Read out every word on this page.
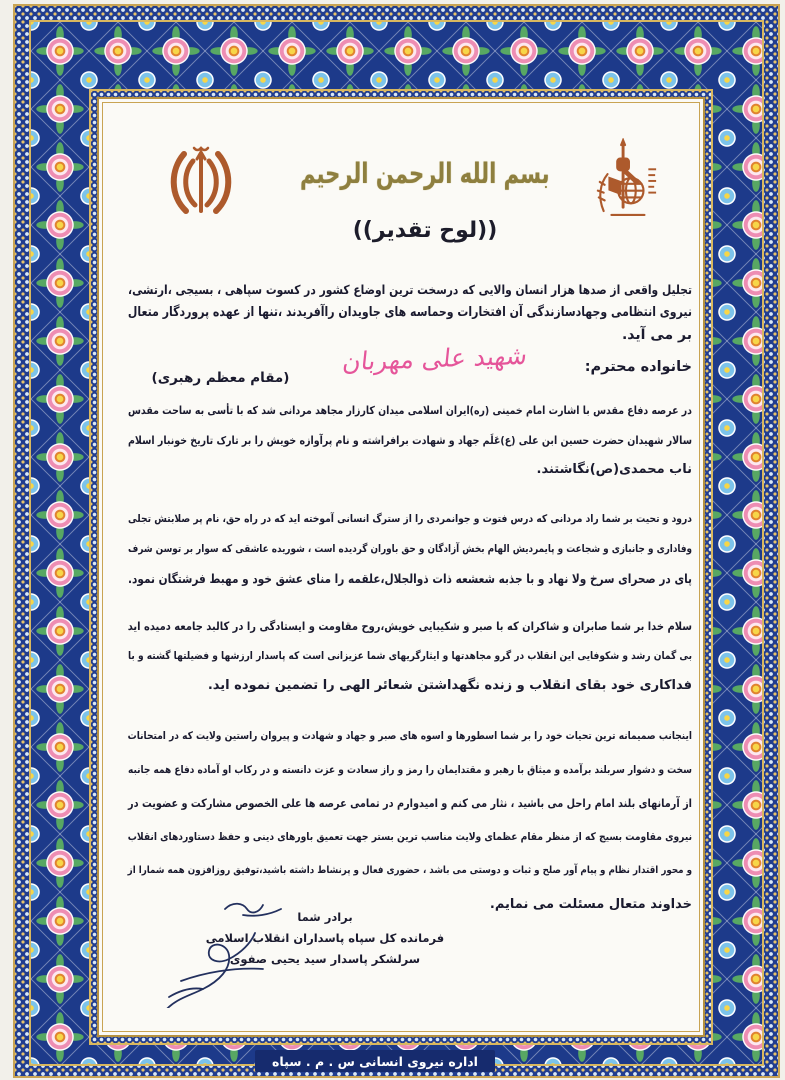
بسم الله الرحمن الرحیم
((لوح تقدیر))
تجلیل واقعی از صدها هزار انسان والایی که درسخت ترین اوضاع کشور در کسوت سپاهی ، بسیجی ،ارتشی،
نیروی انتظامی وجهادسازندگی آن افتخارات وحماسه های جاویدان راآفریدند ،تنها از عهده پروردگار متعال
بر می آید.
خانواده محترم:
شهید علی مهربان
(مقام معظم رهبری)
در عرصه دفاع مقدس با اشارت امام خمینی (ره)ایران اسلامی میدان کارزار مجاهد مردانی شد که با تأسی به ساحت مقدس
سالار شهیدان حضرت حسین ابن علی (ع)عَلَم جهاد و شهادت برافراشته و نام پرآوازه خویش را بر تارک تاریخ خونبار اسلام
ناب محمدی(ص)نگاشتند.
درود و تحیت بر شما راد مردانی که درس فتوت و جوانمردی را از سترگ انسانی آموخته اید که در راه حق، نام پر صلابتش تجلی
وفاداری و جانبازی و شجاعت و پایمردیش الهام بخش آزادگان و حق باوران گردیده است ، شوریده عاشقی که سوار بر توسن شرف
پای در صحرای سرخ ولا نهاد و با جذبه شعشعه ذات ذوالجلال،علقمه را منای عشق خود و مهبط فرشتگان نمود.
سلام خدا بر شما صابران و شاکران که با صبر و شکیبایی خویش،روح مقاومت و ایستادگی را در کالبد جامعه دمیده اید
بی گمان رشد و شکوفایی این انقلاب در گرو مجاهدتها و ایثارگریهای شما عزیزانی است که پاسدار ارزشها و فضیلتها گشته و با
فداکاری خود بقای انقلاب و زنده نگهداشتن شعائر الهی را تضمین نموده اید.
اینجانب صمیمانه ترین تحیات خود را بر شما اسطورها و اسوه های صبر و جهاد و شهادت و پیروان راستین ولایت که در امتحانات
سخت و دشوار سربلند برآمده و میثاق با رهبر و مقتدایمان را رمز و راز سعادت و عزت دانسته و در رکاب او آماده دفاع همه جانبه
از آرمانهای بلند امام راحل می باشید ، نثار می کنم و امیدوارم در تمامی عرصه ها علی الخصوص مشارکت و عضویت در
نیروی مقاومت بسیج که از منظر مقام عظمای ولایت مناسب ترین بستر جهت تعمیق باورهای دینی و حفظ دستاوردهای انقلاب
و محور اقتدار نظام و پیام آور صلح و ثبات و دوستی می باشد ، حضوری فعال و پرنشاط داشته باشید،توفیق روزافزون همه شمارا از
خداوند متعال مسئلت می نمایم.
برادر شما
فرمانده کل سپاه پاسداران انقلاب اسلامی
سرلشکر پاسدار سید یحیی صفوی
اداره نیروی انسانی س . م . سپاه
